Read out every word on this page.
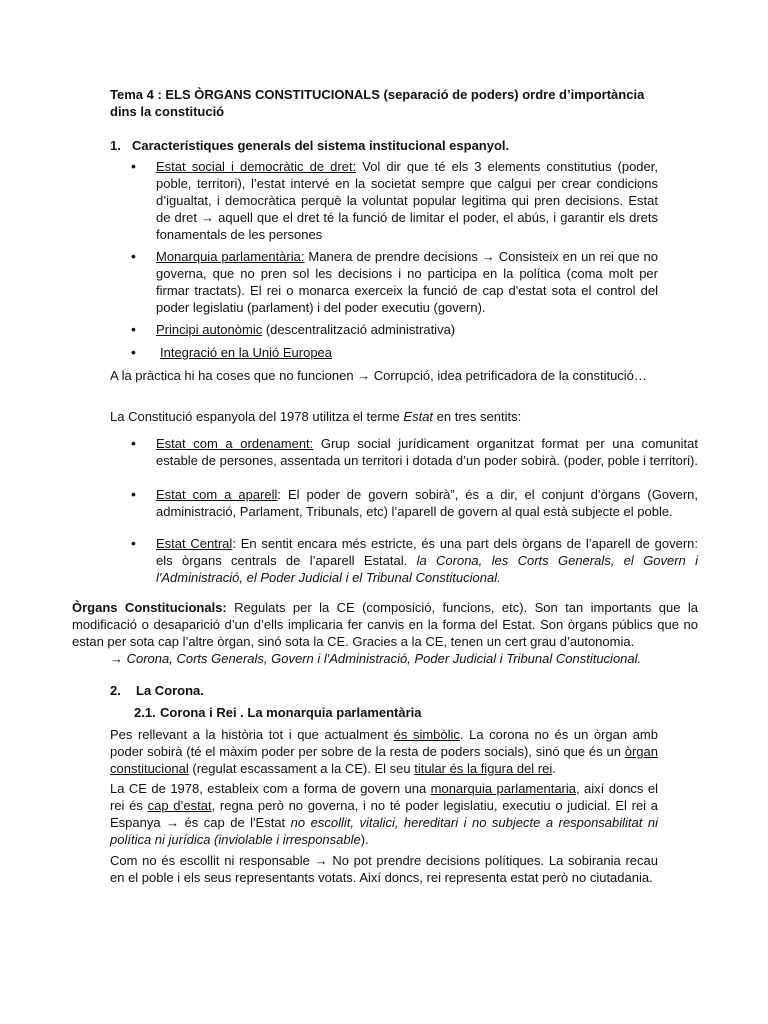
Tema 4 : ELS ÒRGANS CONSTITUCIONALS (separació de poders) ordre d’importància dins la constitució

1. Característiques generals del sistema institucional espanyol.

• Estat social i democràtic de dret: Vol dir que té els 3 elements constitutius (poder, poble, territori), l’estat intervé en la societat sempre que calgui per crear condicions d’igualtat, i democràtica perquè la voluntat popular legitima qui pren decisions. Estat de dret → aquell que el dret té la funció de limitar el poder, el abús, i garantir els drets fonamentals de les persones

• Monarquia parlamentària: Manera de prendre decisions → Consisteix en un rei que no governa, que no pren sol les decisions i no participa en la política (coma molt per firmar tractats). El rei o monarca exerceix la funció de cap d'estat sota el control del poder legislatiu (parlament) i del poder executiu (govern).

• Principi autonòmic (descentralització administrativa)

• Integració en la Unió Europea

A la pràctica hi ha coses que no funcionen → Corrupció, idea petrificadora de la constitució…

La Constitució espanyola del 1978 utilitza el terme Estat en tres sentits:

• Estat com a ordenament: Grup social jurídicament organitzat format per una comunitat estable de persones, assentada un territori i dotada d’un poder sobirà. (poder, poble i territori).

• Estat com a aparell: El poder de govern sobirà”, és a dir, el conjunt d’òrgans (Govern, administració, Parlament, Tribunals, etc) l’aparell de govern al qual està subjecte el poble.

• Estat Central: En sentit encara més estricte, és una part dels òrgans de l’aparell de govern: els òrgans centrals de l’aparell Estatal. la Corona, les Corts Generals, el Govern i l'Administració, el Poder Judicial i el Tribunal Constitucional.

Òrgans Constitucionals: Regulats per la CE (composició, funcions, etc). Son tan importants que la modificació o desaparició d’un d’ells implicaria fer canvis en la forma del Estat. Son òrgans públics que no estan per sota cap l’altre òrgan, sinó sota la CE. Gracies a la CE, tenen un cert grau d’autonomia.

→ Corona, Corts Generals, Govern i l'Administració, Poder Judicial i Tribunal Constitucional.

2. La Corona.

2.1. Corona i Rei . La monarquia parlamentària

Pes rellevant a la història tot i que actualment és simbòlic. La corona no és un òrgan amb poder sobirà (té el màxim poder per sobre de la resta de poders socials), sinó que és un òrgan constitucional (regulat escassament a la CE). El seu titular és la figura del rei.

La CE de 1978, estableix com a forma de govern una monarquia parlamentaria, així doncs el rei és cap d’estat, regna però no governa, i no té poder legislatiu, executiu o judicial. El rei a Espanya → és cap de l'Estat no escollit, vitalici, hereditari i no subjecte a responsabilitat ni política ni jurídica (inviolable i irresponsable).

Com no és escollit ni responsable → No pot prendre decisions polítiques. La sobirania recau en el poble i els seus representants votats. Així doncs, rei representa estat però no ciutadania.
